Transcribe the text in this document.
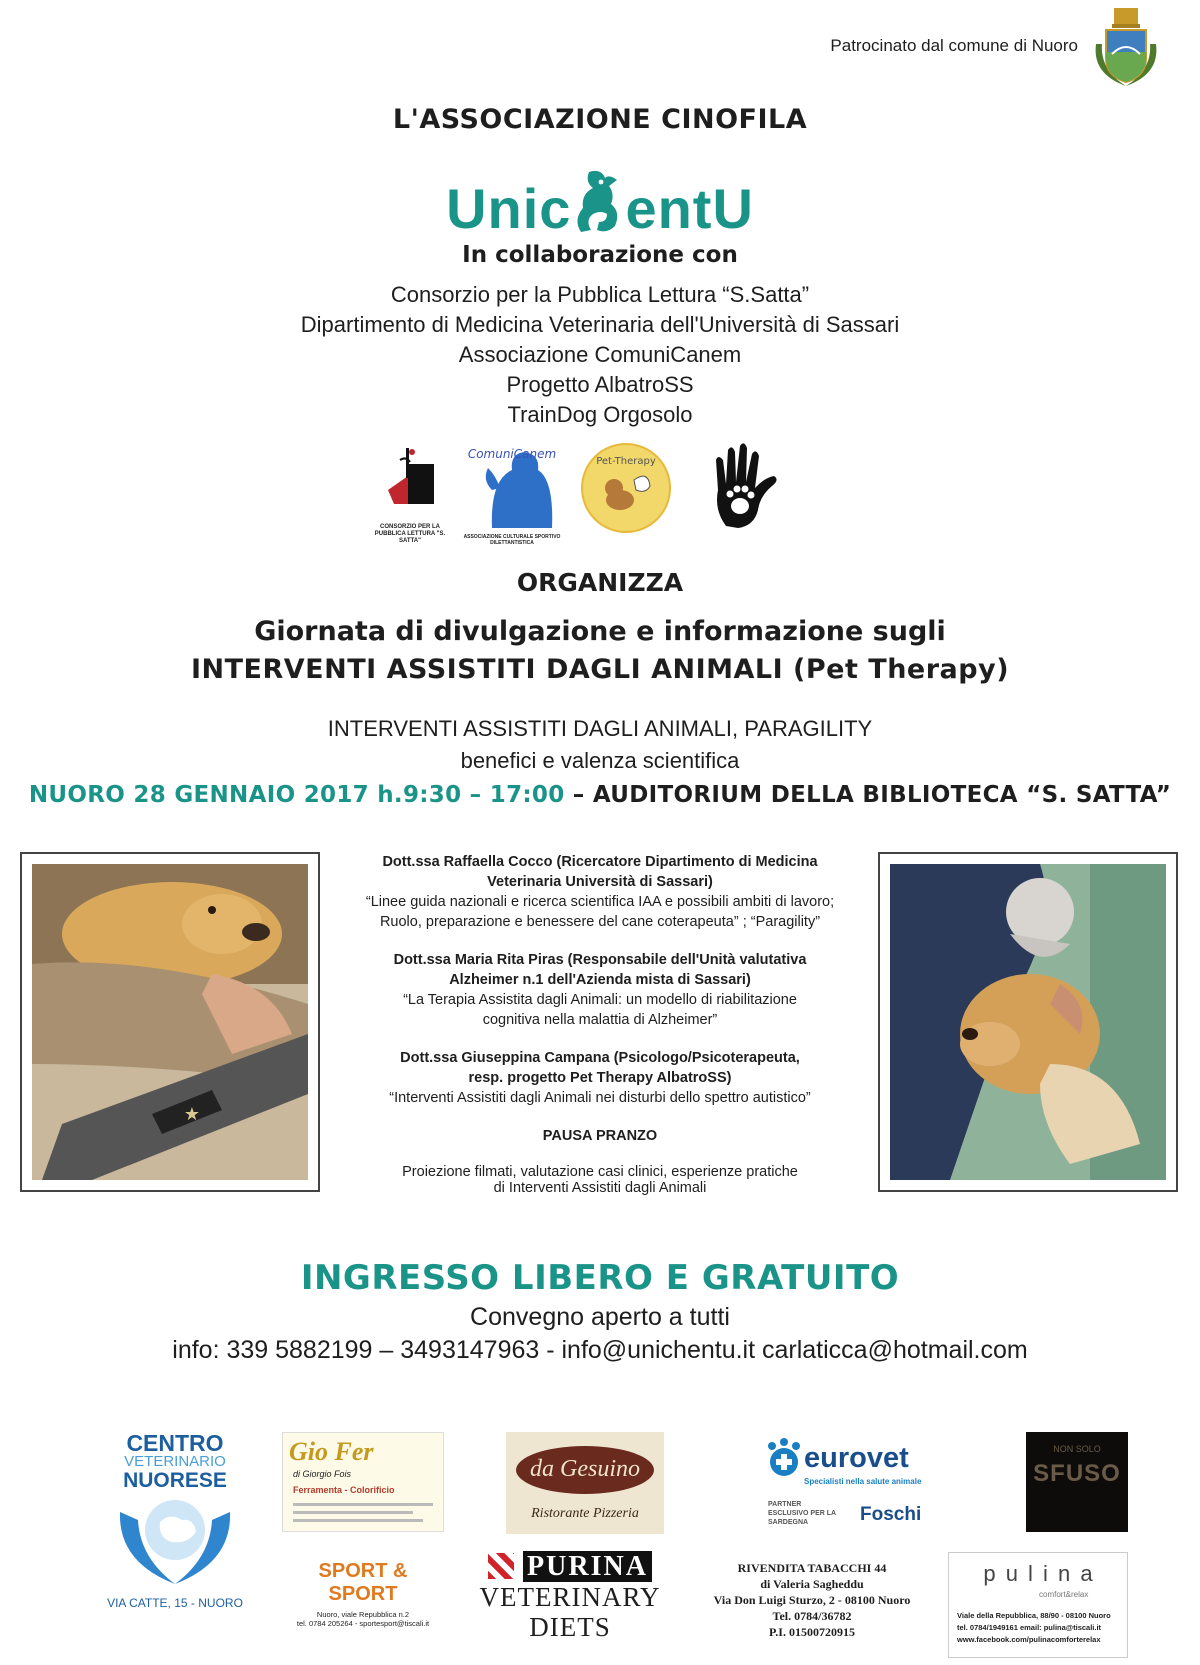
Patrocinato dal comune di Nuoro
L'ASSOCIAZIONE CINOFILA
Unic entU
In collaborazione con
Consorzio per la Pubblica Lettura “S.Satta”
Dipartimento di Medicina Veterinaria dell'Università di Sassari
Associazione ComuniCanem
Progetto AlbatroSS
TrainDog Orgosolo
CONSORZIO PER LA PUBBLICA LETTURA "S. SATTA"
ComuniCanem
ASSOCIAZIONE CULTURALE SPORTIVO DILETTANTISTICA
Pet-Therapy
ORGANIZZA
Giornata di divulgazione e informazione sugli
INTERVENTI ASSISTITI DAGLI ANIMALI (Pet Therapy)
INTERVENTI ASSISTITI DAGLI ANIMALI, PARAGILITY
benefici e valenza scientifica
NUORO 28 GENNAIO 2017 h.9:30 – 17:00 – AUDITORIUM DELLA BIBLIOTECA “S. SATTA”
★
Dott.ssa Raffaella Cocco (Ricercatore Dipartimento di Medicina
Veterinaria Università di Sassari)
“Linee guida nazionali e ricerca scientifica IAA e possibili ambiti di lavoro;
Ruolo, preparazione e benessere del cane coterapeuta” ; “Paragility”
Dott.ssa Maria Rita Piras (Responsabile dell'Unità valutativa
Alzheimer n.1 dell'Azienda mista di Sassari)
“La Terapia Assistita dagli Animali: un modello di riabilitazione
cognitiva nella malattia di Alzheimer”
Dott.ssa Giuseppina Campana (Psicologo/Psicoterapeuta,
resp. progetto Pet Therapy AlbatroSS)
“Interventi Assistiti dagli Animali nei disturbi dello spettro autistico”
PAUSA PRANZO
Proiezione filmati, valutazione casi clinici, esperienze pratiche
di Interventi Assistiti dagli Animali
INGRESSO LIBERO E GRATUITO
Convegno aperto a tutti
info: 339 5882199 – 3493147963 - info@unichentu.it carlaticca@hotmail.com
CENTRO
VETERINARIO
NUORESE
VIA CATTE, 15 - NUORO
Gio Fer
di Giorgio Fois
Ferramenta - Colorificio
da Gesuino
Ristorante Pizzeria
eurovet
Specialisti nella salute animale
PARTNER ESCLUSIVO PER LA SARDEGNA	Foschi
NON SOLO
SFUSO
SPORT & SPORT
Nuoro, viale Repubblica n.2
tel. 0784 205264 - sportesport@tiscali.it
PURINA
VETERINARY
DIETS
RIVENDITA TABACCHI 44
di Valeria Sagheddu
Via Don Luigi Sturzo, 2 - 08100 Nuoro
Tel. 0784/36782
P.I. 01500720915
p u l i n a
comfort&relax
Viale della Repubblica, 88/90 - 08100 Nuoro
tel. 0784/1949161 email: pulina@tiscali.it
www.facebook.com/pulinacomforterelax
